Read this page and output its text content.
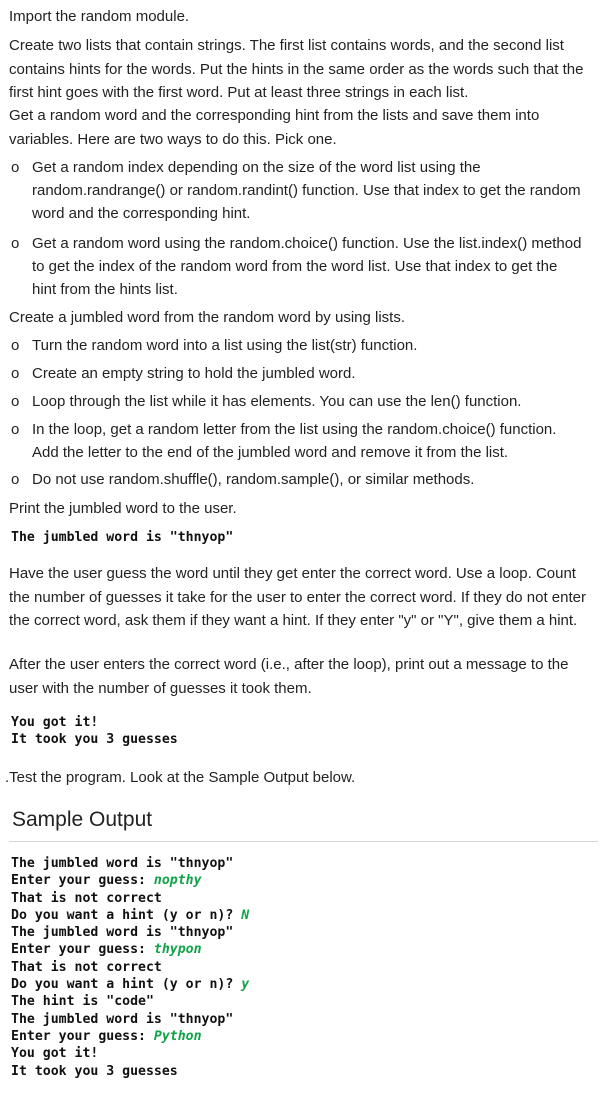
Import the random module.

Create two lists that contain strings. The first list contains words, and the second list contains hints for the words. Put the hints in the same order as the words such that the first hint goes with the first word. Put at least three strings in each list.

Get a random word and the corresponding hint from the lists and save them into variables. Here are two ways to do this. Pick one.

o Get a random index depending on the size of the word list using the random.randrange() or random.randint() function. Use that index to get the random word and the corresponding hint.
o Get a random word using the random.choice() function. Use the list.index() method to get the index of the random word from the word list. Use that index to get the hint from the hints list.

Create a jumbled word from the random word by using lists.

o Turn the random word into a list using the list(str) function.
o Create an empty string to hold the jumbled word.
o Loop through the list while it has elements. You can use the len() function.
o In the loop, get a random letter from the list using the random.choice() function. Add the letter to the end of the jumbled word and remove it from the list.
o Do not use random.shuffle(), random.sample(), or similar methods.

Print the jumbled word to the user.

The jumbled word is "thnyop"

Have the user guess the word until they get enter the correct word. Use a loop. Count the number of guesses it take for the user to enter the correct word. If they do not enter the correct word, ask them if they want a hint. If they enter "y" or "Y", give them a hint.

After the user enters the correct word (i.e., after the loop), print out a message to the user with the number of guesses it took them.

You got it!
It took you 3 guesses

.Test the program. Look at the Sample Output below.

Sample Output
The jumbled word is "thnyop"
Enter your guess: nopthy
That is not correct
Do you want a hint (y or n)? N
The jumbled word is "thnyop"
Enter your guess: thypon
That is not correct
Do you want a hint (y or n)? y
The hint is "code"
The jumbled word is "thnyop"
Enter your guess: Python
You got it!
It took you 3 guesses
